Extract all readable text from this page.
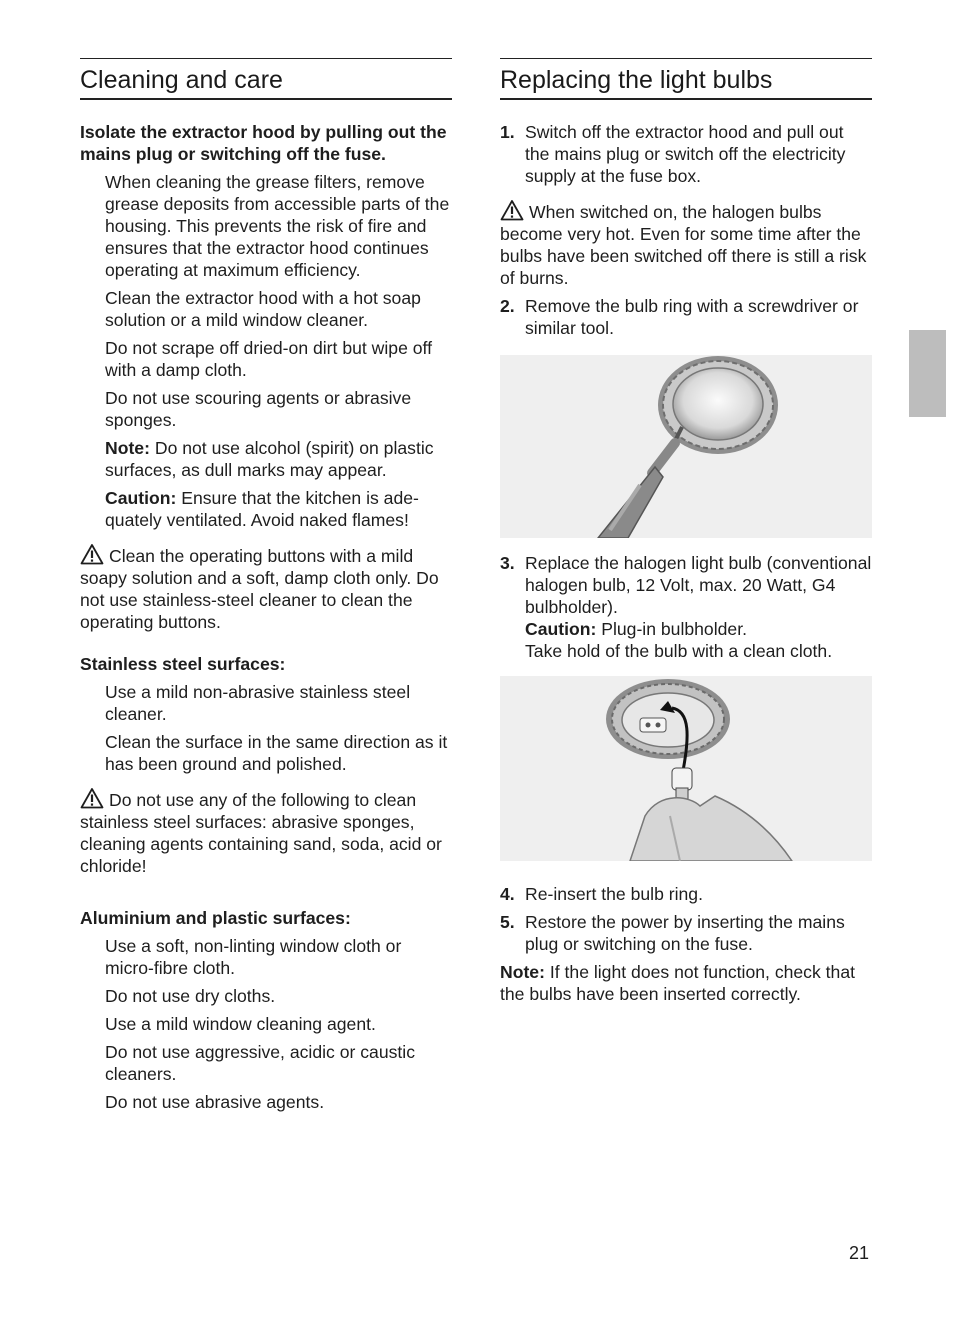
Cleaning and care

Isolate the extractor hood by pulling out the mains plug or switching off the fuse.

When cleaning the grease filters, remove grease deposits from accessible parts of the housing. This prevents the risk of fire and ensures that the extractor hood continues operating at maximum efficiency.

Clean the extractor hood with a hot soap solution or a mild window cleaner.

Do not scrape off dried-on dirt but wipe off with a damp cloth.

Do not use scouring agents or abrasive sponges.

Note: Do not use alcohol (spirit) on plastic surfaces, as dull marks may appear.

Caution: Ensure that the kitchen is ade-quately ventilated. Avoid naked flames!

Clean the operating buttons with a mild soapy solution and a soft, damp cloth only. Do not use stainless-steel cleaner to clean the operating buttons.

Stainless steel surfaces:

Use a mild non-abrasive stainless steel cleaner.

Clean the surface in the same direction as it has been ground and polished.

Do not use any of the following to clean stainless steel surfaces: abrasive sponges, cleaning agents containing sand, soda, acid or chloride!

Aluminium and plastic surfaces:

Use a soft, non-linting window cloth or micro-fibre cloth.

Do not use dry cloths.

Use a mild window cleaning agent.

Do not use aggressive, acidic or caustic cleaners.

Do not use abrasive agents.

Replacing the light bulbs
1. Switch off the extractor hood and pull out the mains plug or switch off the electricity supply at the fuse box.

When switched on, the halogen bulbs become very hot. Even for some time after the bulbs have been switched off there is still a risk of burns.

2. Remove the bulb ring with a screwdriver or similar tool.
3. Replace the halogen light bulb (conventional halogen bulb, 12 Volt, max. 20 Watt, G4 bulbholder).
Caution: Plug-in bulbholder.
Take hold of the bulb with a clean cloth.
4. Re-insert the bulb ring.
5. Restore the power by inserting the mains plug or switching on the fuse.

Note: If the light does not function, check that the bulbs have been inserted correctly.

21
